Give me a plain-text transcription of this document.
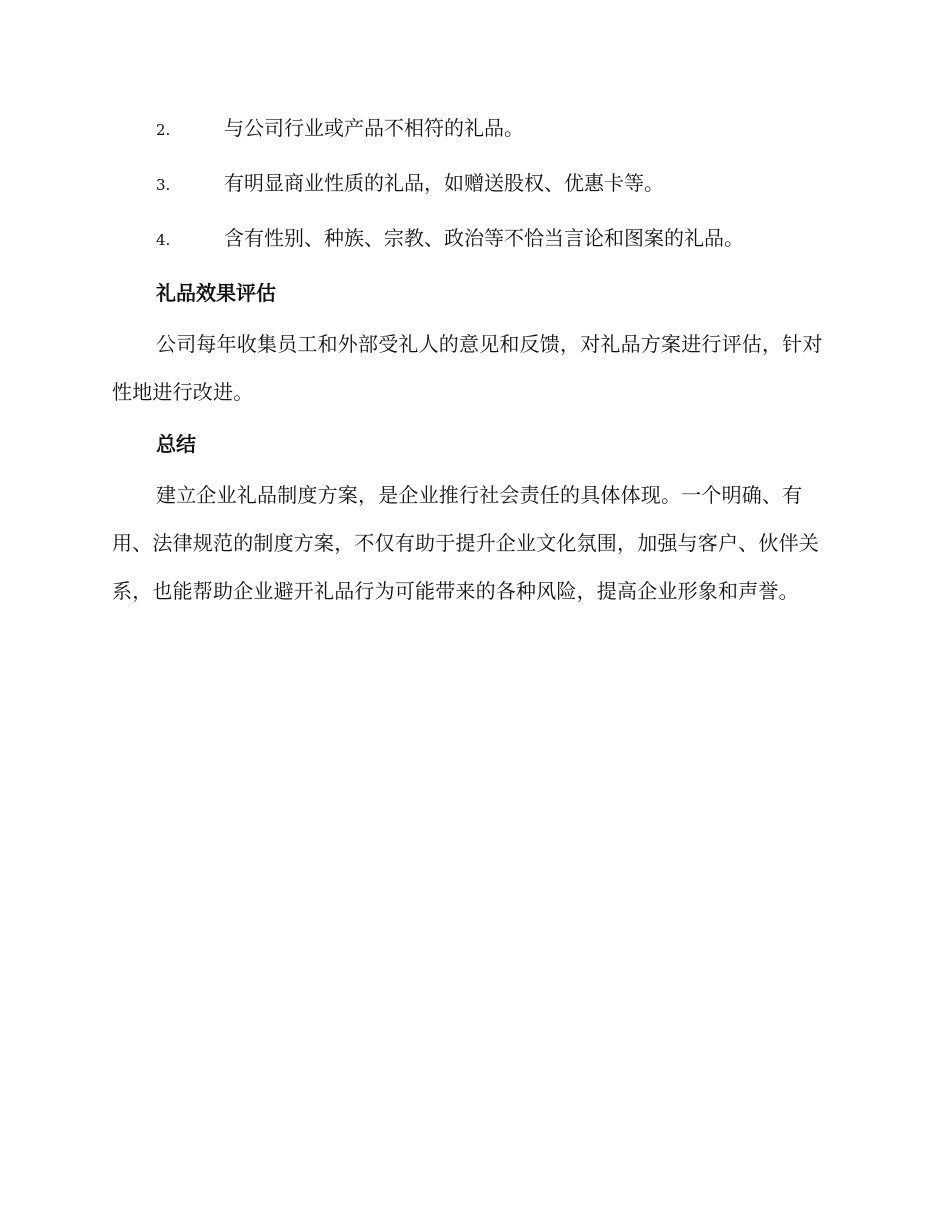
2.	与公司行业或产品不相符的礼品。
3.	有明显商业性质的礼品，如赠送股权、优惠卡等。
4.	含有性别、种族、宗教、政治等不恰当言论和图案的礼品。
礼品效果评估

公司每年收集员工和外部受礼人的意见和反馈，对礼品方案进行评估，针对性地进行改进。

总结

建立企业礼品制度方案，是企业推行社会责任的具体体现。一个明确、有用、法律规范的制度方案，不仅有助于提升企业文化氛围，加强与客户、伙伴关系，也能帮助企业避开礼品行为可能带来的各种风险，提高企业形象和声誉。
